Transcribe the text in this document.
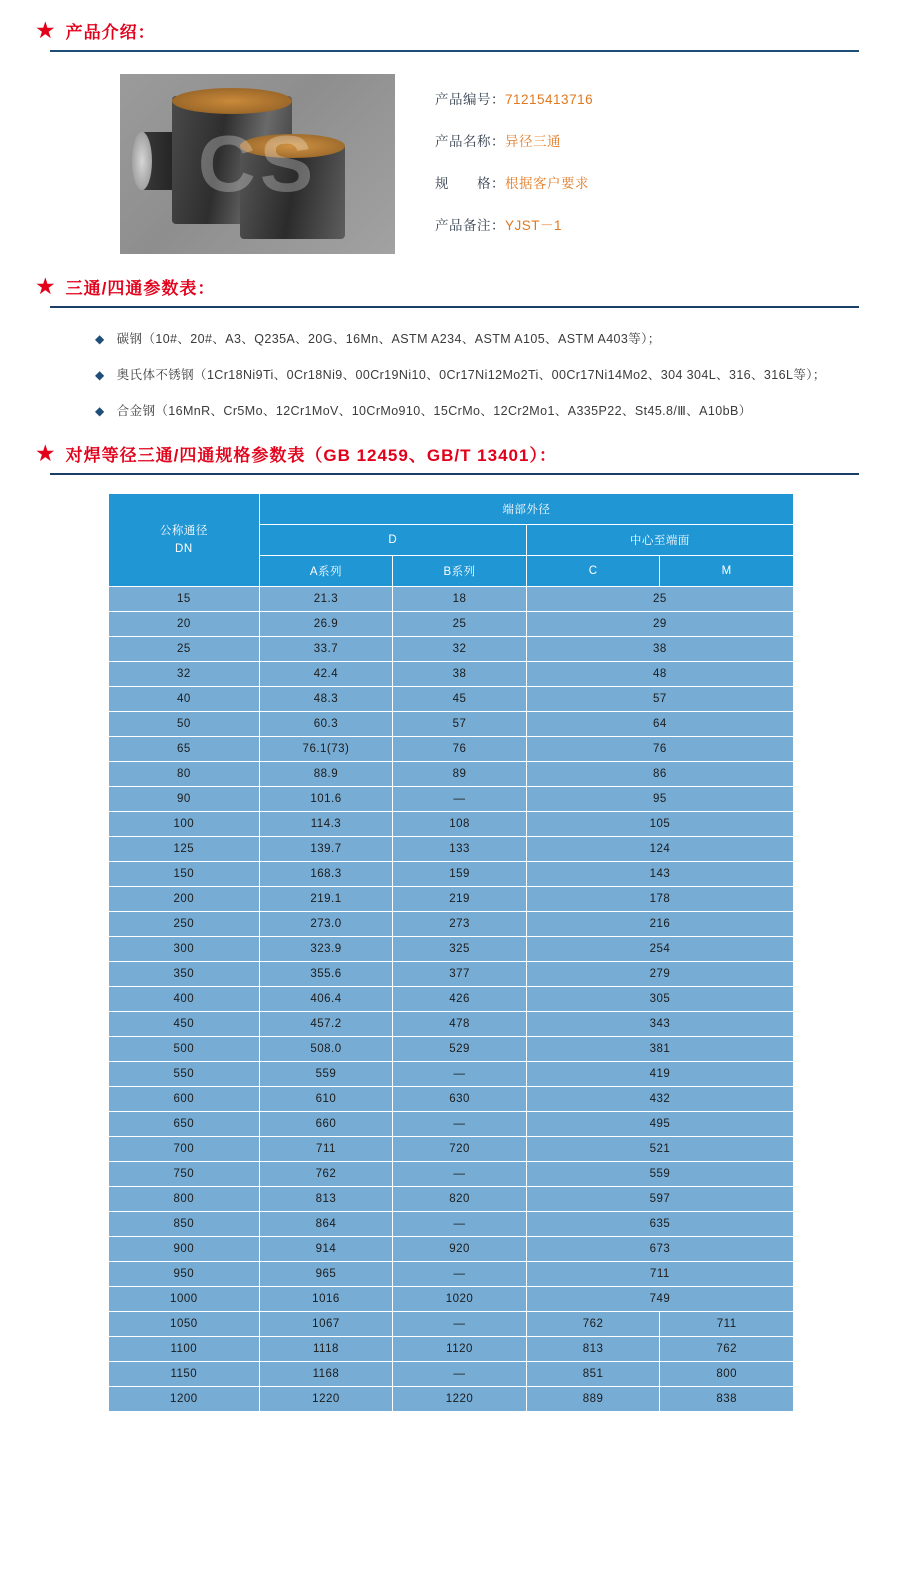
★ 产品介绍：
CS
产品编号：71215413716
产品名称：异径三通
规　　格：根据客户要求
产品备注：YJST－1
★ 三通/四通参数表：
◆ 碳钢（10#、20#、A3、Q235A、20G、16Mn、ASTM A234、ASTM A105、ASTM A403等）；
◆ 奥氏体不锈钢（1Cr18Ni9Ti、0Cr18Ni9、00Cr19Ni10、0Cr17Ni12Mo2Ti、00Cr17Ni14Mo2、304 304L、316、316L等）；
◆ 合金钢（16MnR、Cr5Mo、12Cr1MoV、10CrMo910、15CrMo、12Cr2Mo1、A335P22、St45.8/Ⅲ、A10bB）
★ 对焊等径三通/四通规格参数表（GB 12459、GB/T 13401）：
公称通径
DN	端部外径			
	D		中心至端面	
	A系列	B系列	C	M
15	21.3	18	25	
20	26.9	25	29	
25	33.7	32	38	
32	42.4	38	48	
40	48.3	45	57	
50	60.3	57	64	
65	76.1(73)	76	76	
80	88.9	89	86	
90	101.6	—	95	
100	114.3	108	105	
125	139.7	133	124	
150	168.3	159	143	
200	219.1	219	178	
250	273.0	273	216	
300	323.9	325	254	
350	355.6	377	279	
400	406.4	426	305	
450	457.2	478	343	
500	508.0	529	381	
550	559	—	419	
600	610	630	432	
650	660	—	495	
700	711	720	521	
750	762	—	559	
800	813	820	597	
850	864	—	635	
900	914	920	673	
950	965	—	711	
1000	1016	1020	749	
1050	1067	—	762	711
1100	1118	1120	813	762
1150	1168	—	851	800
1200	1220	1220	889	838
